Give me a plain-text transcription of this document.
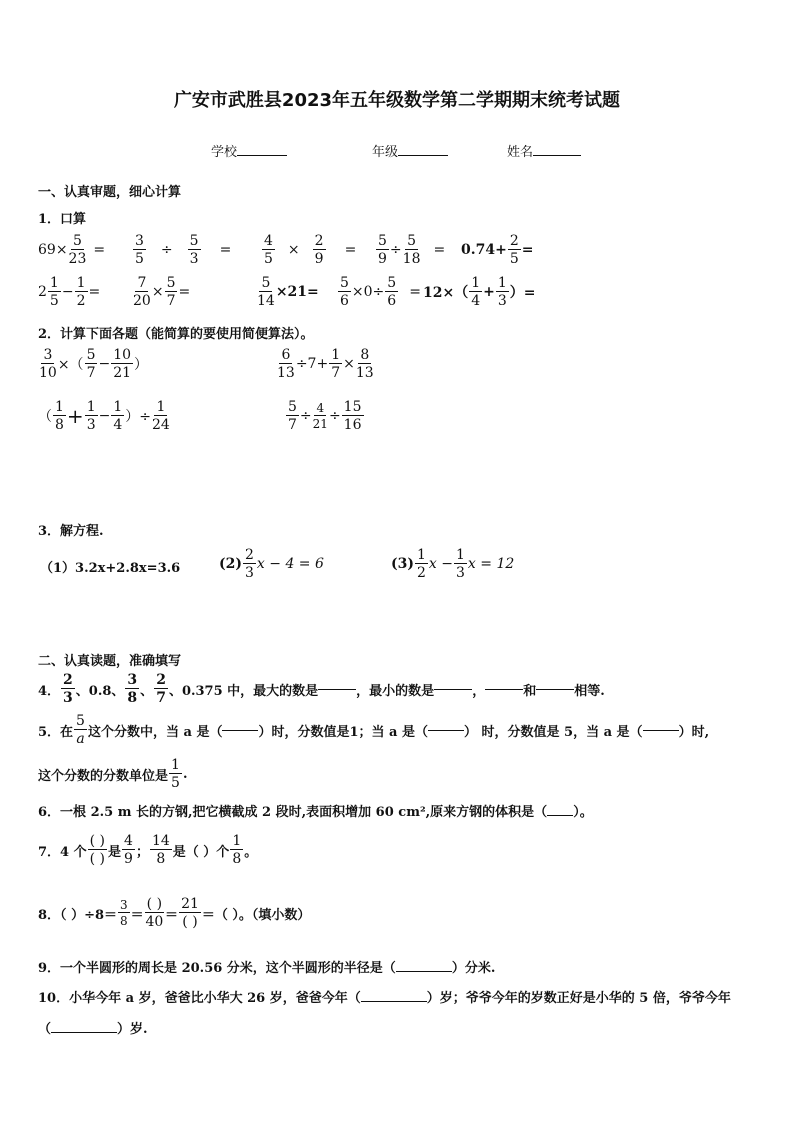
广安市武胜县2023年五年级数学第二学期期末统考试题
学校	年级	姓名
一、认真审题，细心计算
1．口算
$69\times \frac{5}{23} = \frac{3}{5} \div \frac{5}{3} = \frac{4}{5} \times \frac{2}{9} = \frac{5}{9} \div \frac{5}{18} = 0.74+ \frac{2}{5}$ =
$2 \frac{1}{5} - \frac{1}{2} = \frac{7}{20} \times \frac{5}{7}$ =	$\frac{5}{14} \times 21= \frac{5}{6} \times 0\div \frac{5}{6} = 12\times( \frac{1}{4} + \frac{1}{3}$ ）=
2．计算下面各题（能简算的要使用简便算法）。
$\frac{3}{10}$ ×（ $\frac{5}{7} - \frac{10}{21}$ ）	$\frac{6}{13} \div 7+ \frac{1}{7} \times \frac{8}{13}$
（ $\frac{1}{8} + \frac{1}{3} - \frac{1}{4}$ ）÷ $\frac{1}{24}$	$\frac{5}{7} \div \frac{4}{21} \div \frac{15}{16}$
3．解方程.
（1）3.2x+2.8x=3.6	$(2) \frac{2}{3}$ x − 4 = 6	$(3) \frac{1}{2}$ $x - \frac{1}{3}$ x = 12
二、认真读题，准确填写
4． $\frac{2}{3}$ 、0.8、 $\frac{3}{8}$ 、 $\frac{2}{7}$ 、0.375 中，最大的数是	，最小的数是	，	和	相等.
5．在 $\frac{5}{a}$ 这个分数中，当 a 是（	）时，分数值是1；当 a 是（	） 时，分数值是 5，当 a 是（	）时,
这个分数的分数单位是 $\frac{1}{5}$ .
6．一根 2.5 m 长的方钢,把它横截成 2 段时,表面积增加 60 cm²,原来方钢的体积是（ ）。
7．4 个 $\frac{( )}{( )}$ 是 $\frac{4}{9}$ ； $\frac{14}{8}$ 是（ ）个 $\frac{1}{8}$ 。
8．（ ）$\div 8= \frac{3}{8} = \frac{( )}{40} = \frac{21}{( )}$ ＝（ ）。（填小数）
9．一个半圆形的周长是 20.56 分米，这个半圆形的半径是（	）分米.
10．小华今年 a 岁，爸爸比小华大 26 岁，爸爸今年（	）岁；爷爷今年的岁数正好是小华的 5 倍，爷爷今年
（	）岁.
